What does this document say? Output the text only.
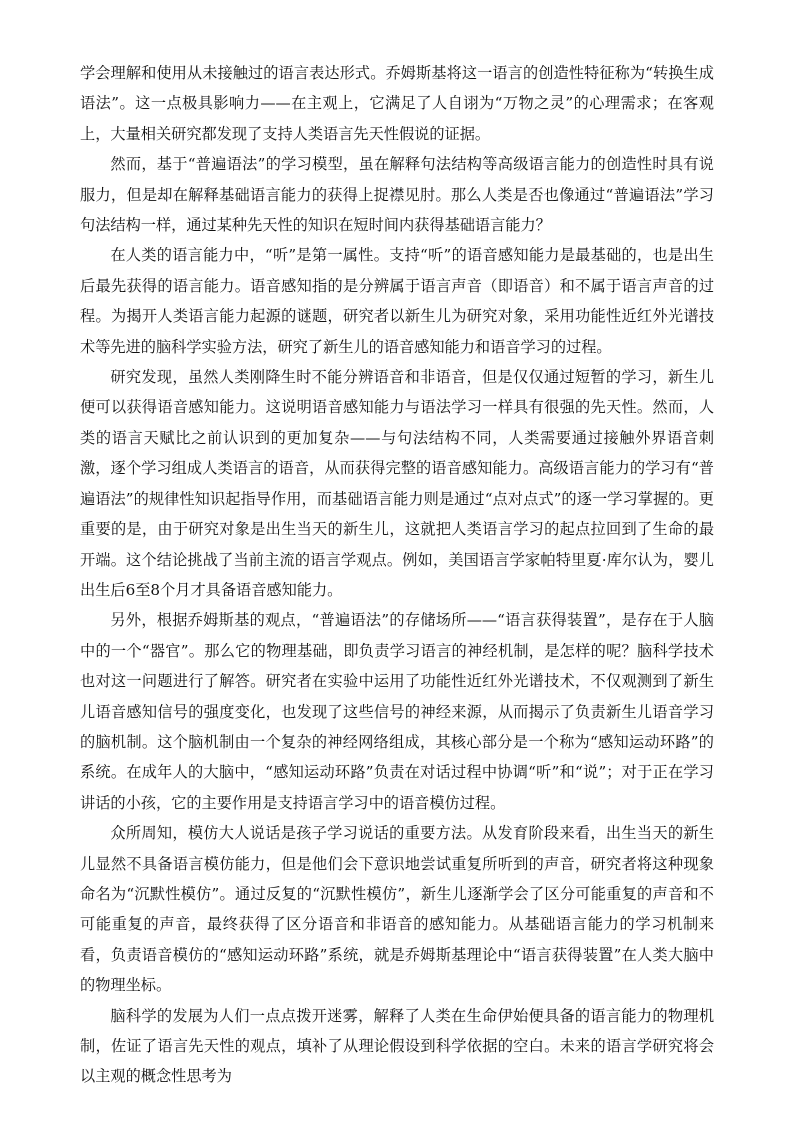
学会理解和使用从未接触过的语言表达形式。乔姆斯基将这一语言的创造性特征称为“转换生成语法”。这一点极具影响力——在主观上，它满足了人自诩为“万物之灵”的心理需求；在客观上，大量相关研究都发现了支持人类语言先天性假说的证据。

然而，基于“普遍语法”的学习模型，虽在解释句法结构等高级语言能力的创造性时具有说服力，但是却在解释基础语言能力的获得上捉襟见肘。那么人类是否也像通过“普遍语法”学习句法结构一样，通过某种先天性的知识在短时间内获得基础语言能力？

在人类的语言能力中，“听”是第一属性。支持“听”的语音感知能力是最基础的，也是出生后最先获得的语言能力。语音感知指的是分辨属于语言声音（即语音）和不属于语言声音的过程。为揭开人类语言能力起源的谜题，研究者以新生儿为研究对象，采用功能性近红外光谱技术等先进的脑科学实验方法，研究了新生儿的语音感知能力和语音学习的过程。

研究发现，虽然人类刚降生时不能分辨语音和非语音，但是仅仅通过短暂的学习，新生儿便可以获得语音感知能力。这说明语音感知能力与语法学习一样具有很强的先天性。然而，人类的语言天赋比之前认识到的更加复杂——与句法结构不同，人类需要通过接触外界语音刺激，逐个学习组成人类语言的语音，从而获得完整的语音感知能力。高级语言能力的学习有“普遍语法”的规律性知识起指导作用，而基础语言能力则是通过“点对点式”的逐一学习掌握的。更重要的是，由于研究对象是出生当天的新生儿，这就把人类语言学习的起点拉回到了生命的最开端。这个结论挑战了当前主流的语言学观点。例如，美国语言学家帕特里夏·库尔认为，婴儿出生后6至8个月才具备语音感知能力。

另外，根据乔姆斯基的观点，“普遍语法”的存储场所——“语言获得装置”，是存在于人脑中的一个“器官”。那么它的物理基础，即负责学习语言的神经机制，是怎样的呢？脑科学技术也对这一问题进行了解答。研究者在实验中运用了功能性近红外光谱技术，不仅观测到了新生儿语音感知信号的强度变化，也发现了这些信号的神经来源，从而揭示了负责新生儿语音学习的脑机制。这个脑机制由一个复杂的神经网络组成，其核心部分是一个称为“感知运动环路”的系统。在成年人的大脑中，“感知运动环路”负责在对话过程中协调“听”和“说”；对于正在学习讲话的小孩，它的主要作用是支持语言学习中的语音模仿过程。

众所周知，模仿大人说话是孩子学习说话的重要方法。从发育阶段来看，出生当天的新生儿显然不具备语言模仿能力，但是他们会下意识地尝试重复所听到的声音，研究者将这种现象命名为“沉默性模仿”。通过反复的“沉默性模仿”，新生儿逐渐学会了区分可能重复的声音和不可能重复的声音，最终获得了区分语音和非语音的感知能力。从基础语言能力的学习机制来看，负责语音模仿的“感知运动环路”系统，就是乔姆斯基理论中“语言获得装置”在人类大脑中的物理坐标。

脑科学的发展为人们一点点拨开迷雾，解释了人类在生命伊始便具备的语言能力的物理机制，佐证了语言先天性的观点，填补了从理论假设到科学依据的空白。未来的语言学研究将会以主观的概念性思考为
